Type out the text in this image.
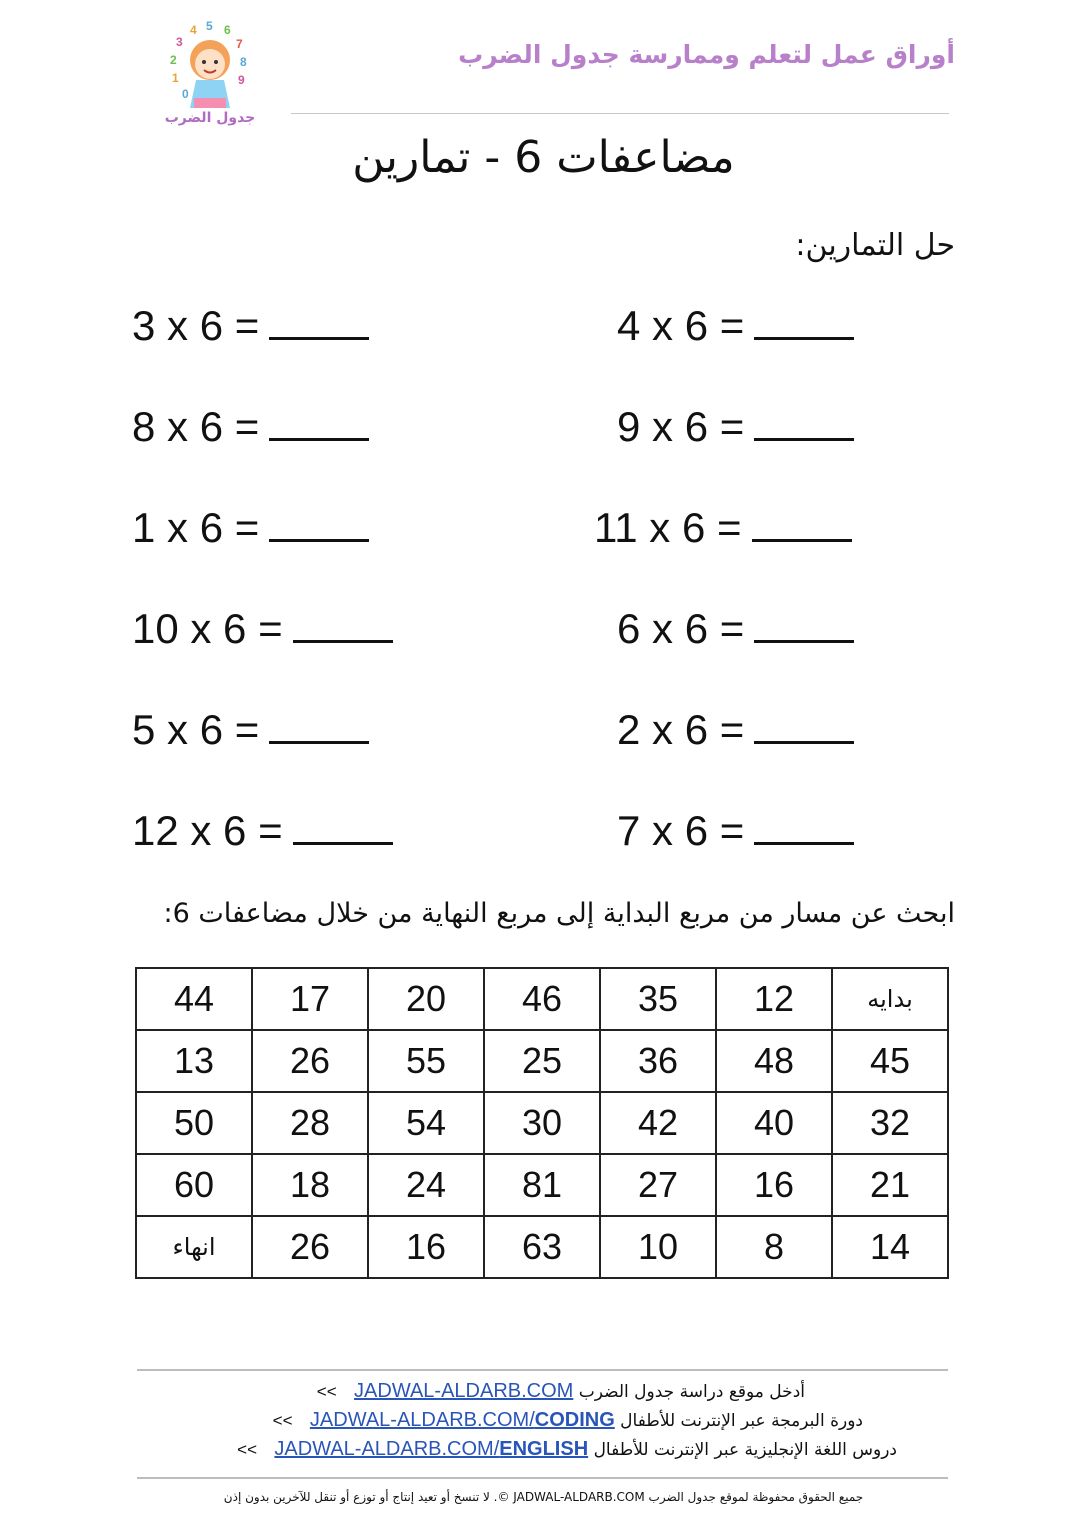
4 5 6
3	7
2	8
1	9
0
جدول الضرب
أوراق عمل لتعلم وممارسة جدول الضرب
مضاعفات 6 - تمارين
حل التمارين:
4 x 6 =
9 x 6 =
11 x 6 =
6 x 6 =
2 x 6 =
7 x 6 =
3 x 6 =
8 x 6 =
1 x 6 =
10 x 6 =
5 x 6 =
12 x 6 =
ابحث عن مسار من مربع البداية إلى مربع النهاية من خلال مضاعفات 6:
بدايه	12	35	46	20	17	44
45	48	36	25	55	26	13
32	40	42	30	54	28	50
21	16	27	81	24	18	60
14	8	10	63	16	26	انهاء
أدخل موقع دراسة جدول الضرب << JADWAL-ALDARB.COM
دورة البرمجة عبر الإنترنت للأطفال << JADWAL-ALDARB.COM/CODING
دروس اللغة الإنجليزية عبر الإنترنت للأطفال << JADWAL-ALDARB.COM/ENGLISH
جميع الحقوق محفوظة لموقع جدول الضرب JADWAL-ALDARB.COM ©. لا تنسخ أو تعيد إنتاج أو توزع أو تنقل للآخرين بدون إذن
